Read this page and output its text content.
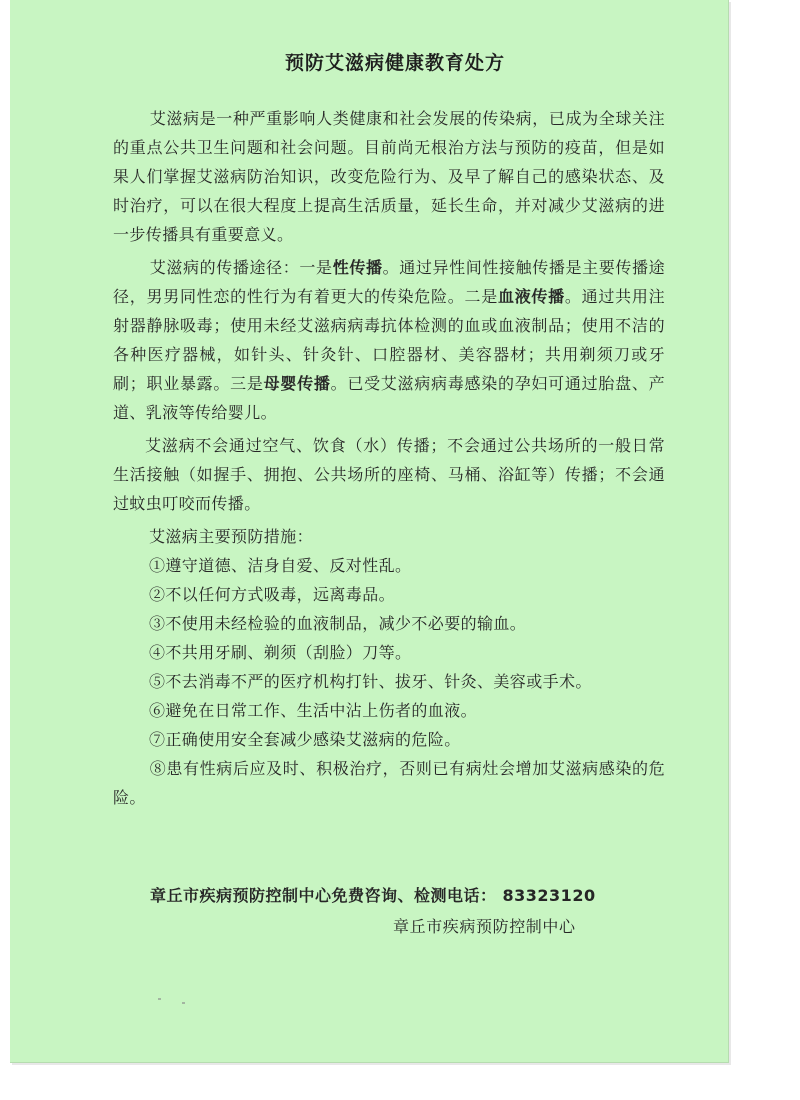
预防艾滋病健康教育处方

艾滋病是一种严重影响人类健康和社会发展的传染病，已成为全球关注的重点公共卫生问题和社会问题。目前尚无根治方法与预防的疫苗，但是如果人们掌握艾滋病防治知识，改变危险行为、及早了解自己的感染状态、及时治疗，可以在很大程度上提高生活质量，延长生命，并对减少艾滋病的进一步传播具有重要意义。

艾滋病的传播途径：一是性传播。通过异性间性接触传播是主要传播途径，男男同性恋的性行为有着更大的传染危险。二是血液传播。通过共用注射器静脉吸毒；使用未经艾滋病病毒抗体检测的血或血液制品；使用不洁的各种医疗器械，如针头、针灸针、口腔器材、美容器材；共用剃须刀或牙刷；职业暴露。三是母婴传播。已受艾滋病病毒感染的孕妇可通过胎盘、产道、乳液等传给婴儿。

艾滋病不会通过空气、饮食（水）传播；不会通过公共场所的一般日常生活接触（如握手、拥抱、公共场所的座椅、马桶、浴缸等）传播；不会通过蚊虫叮咬而传播。

艾滋病主要预防措施：

①遵守道德、洁身自爱、反对性乱。

②不以任何方式吸毒，远离毒品。

③不使用未经检验的血液制品，减少不必要的输血。

④不共用牙刷、剃须（刮脸）刀等。

⑤不去消毒不严的医疗机构打针、拔牙、针灸、美容或手术。

⑥避免在日常工作、生活中沾上伤者的血液。

⑦正确使用安全套减少感染艾滋病的危险。

⑧患有性病后应及时、积极治疗，否则已有病灶会增加艾滋病感染的危险。

章丘市疾病预防控制中心免费咨询、检测电话： 83323120
章丘市疾病预防控制中心
